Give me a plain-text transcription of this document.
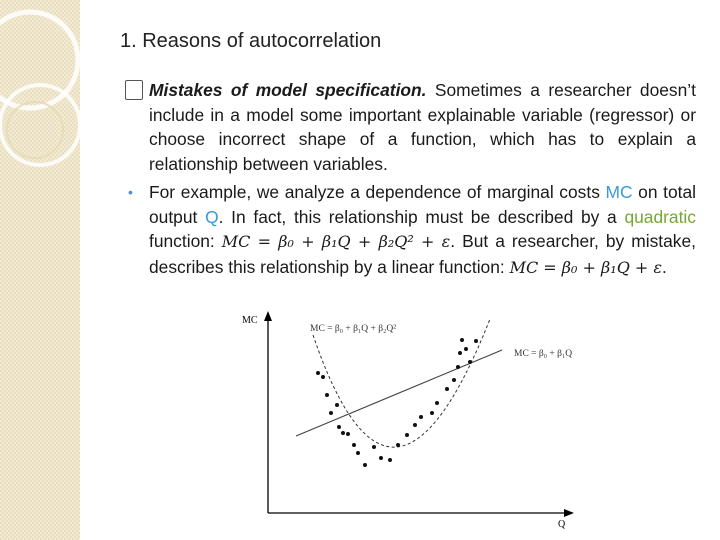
1. Reasons of autocorrelation
Mistakes of model specification. Sometimes a researcher doesn’t include in a model some important explainable variable (regressor) or choose incorrect shape of a function, which has to explain a relationship between variables.
• For example, we analyze a dependence of marginal costs MC on total output Q. In fact, this relationship must be described by a quadratic function: MC = β₀ + β₁Q + β₂Q² + ε. But a researcher, by mistake, describes this relationship by a linear function: MC = β₀ + β₁Q + ε.
MC
Q
MC = β₀ + β₁Q + β₂Q²
MC = β₀ + β₁Q
